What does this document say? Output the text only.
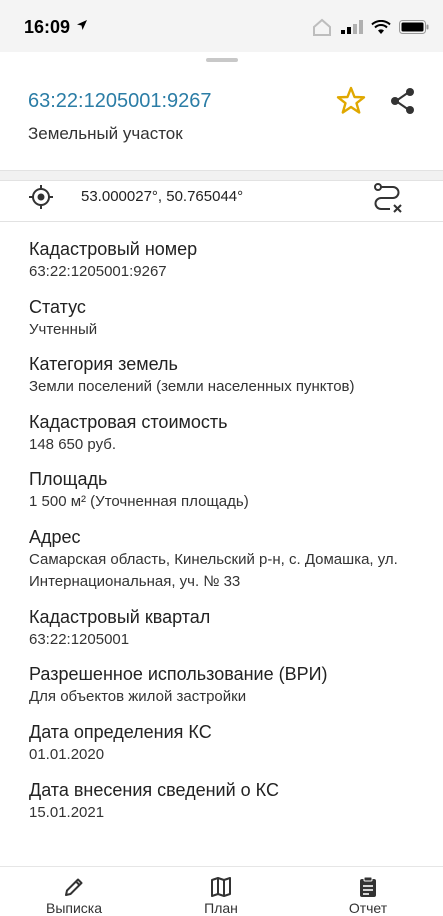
16:09
63:22:1205001:9267
Земельный участок
53.000027°, 50.765044°
Кадастровый номер
63:22:1205001:9267
Статус
Учтенный
Категория земель
Земли поселений (земли населенных пунктов)
Кадастровая стоимость
148 650 руб.
Площадь
1 500 м² (Уточненная площадь)
Адрес
Самарская область, Кинельский р-н, с. Домашка, ул. Интернациональная, уч. № 33
Кадастровый квартал
63:22:1205001
Разрешенное использование (ВРИ)
Для объектов жилой застройки
Дата определения КС
01.01.2020
Дата внесения сведений о КС
15.01.2021
Выписка	План	Отчет
